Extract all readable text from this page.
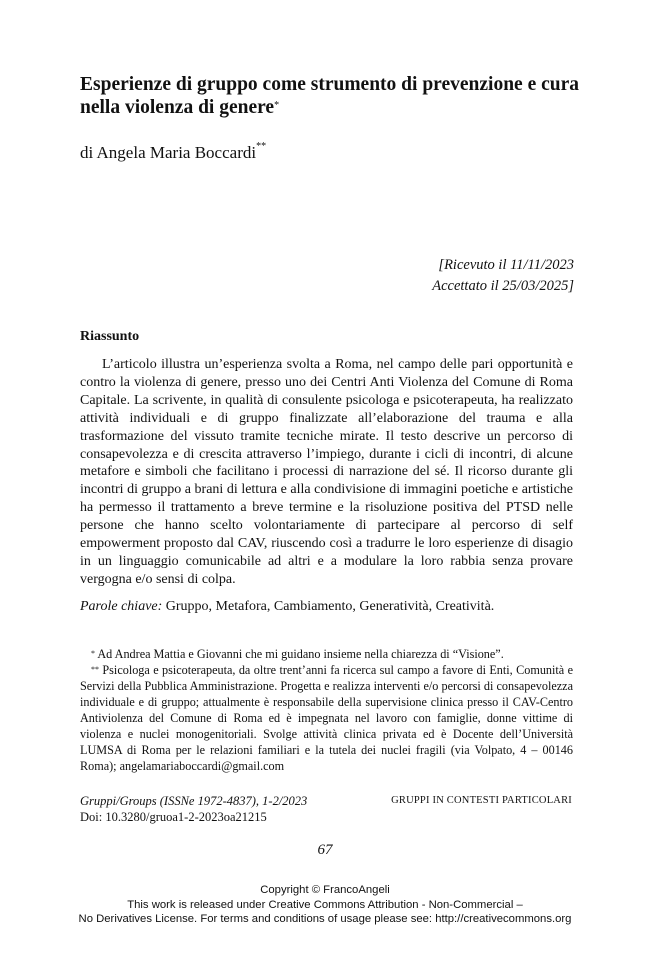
Esperienze di gruppo come strumento di prevenzione e cura nella violenza di genere*
di Angela Maria Boccardi**
[Ricevuto il 11/11/2023
Accettato il 25/03/2025]
Riassunto
L’articolo illustra un’esperienza svolta a Roma, nel campo delle pari opportunità e contro la violenza di genere, presso uno dei Centri Anti Violenza del Comune di Roma Capitale. La scrivente, in qualità di consulente psicologa e psicoterapeuta, ha realizzato attività individuali e di gruppo finalizzate all’elaborazione del trauma e alla trasformazione del vissuto tramite tecniche mirate. Il testo descrive un percorso di consapevolezza e di crescita attraverso l’impiego, durante i cicli di incontri, di alcune metafore e simboli che facilitano i processi di narrazione del sé. Il ricorso durante gli incontri di gruppo a brani di lettura e alla condivisione di immagini poetiche e artistiche ha permesso il trattamento a breve termine e la risoluzione positiva del PTSD nelle persone che hanno scelto volontariamente di partecipare al percorso di self empowerment proposto dal CAV, riuscendo così a tradurre le loro esperienze di disagio in un linguaggio comunicabile ad altri e a modulare la loro rabbia senza provare vergogna e/o sensi di colpa.
Parole chiave: Gruppo, Metafora, Cambiamento, Generatività, Creatività.

* Ad Andrea Mattia e Giovanni che mi guidano insieme nella chiarezza di “Visione”.

** Psicologa e psicoterapeuta, da oltre trent’anni fa ricerca sul campo a favore di Enti, Comunità e Servizi della Pubblica Amministrazione. Progetta e realizza interventi e/o percorsi di consapevolezza individuale e di gruppo; attualmente è responsabile della supervisione clinica presso il CAV-Centro Antiviolenza del Comune di Roma ed è impegnata nel lavoro con famiglie, donne vittime di violenza e nuclei monogenitoriali. Svolge attività clinica privata ed è Docente dell’Università LUMSA di Roma per le relazioni familiari e la tutela dei nuclei fragili (via Volpato, 4 – 00146 Roma); angelamariaboccardi@gmail.com

Gruppi/Groups (ISSNe 1972-4837), 1-2/2023
Doi: 10.3280/gruoa1-2-2023oa21215
GRUPPI IN CONTESTI PARTICOLARI
67
Copyright © FrancoAngeli
This work is released under Creative Commons Attribution - Non-Commercial –
No Derivatives License. For terms and conditions of usage please see: http://creativecommons.org
